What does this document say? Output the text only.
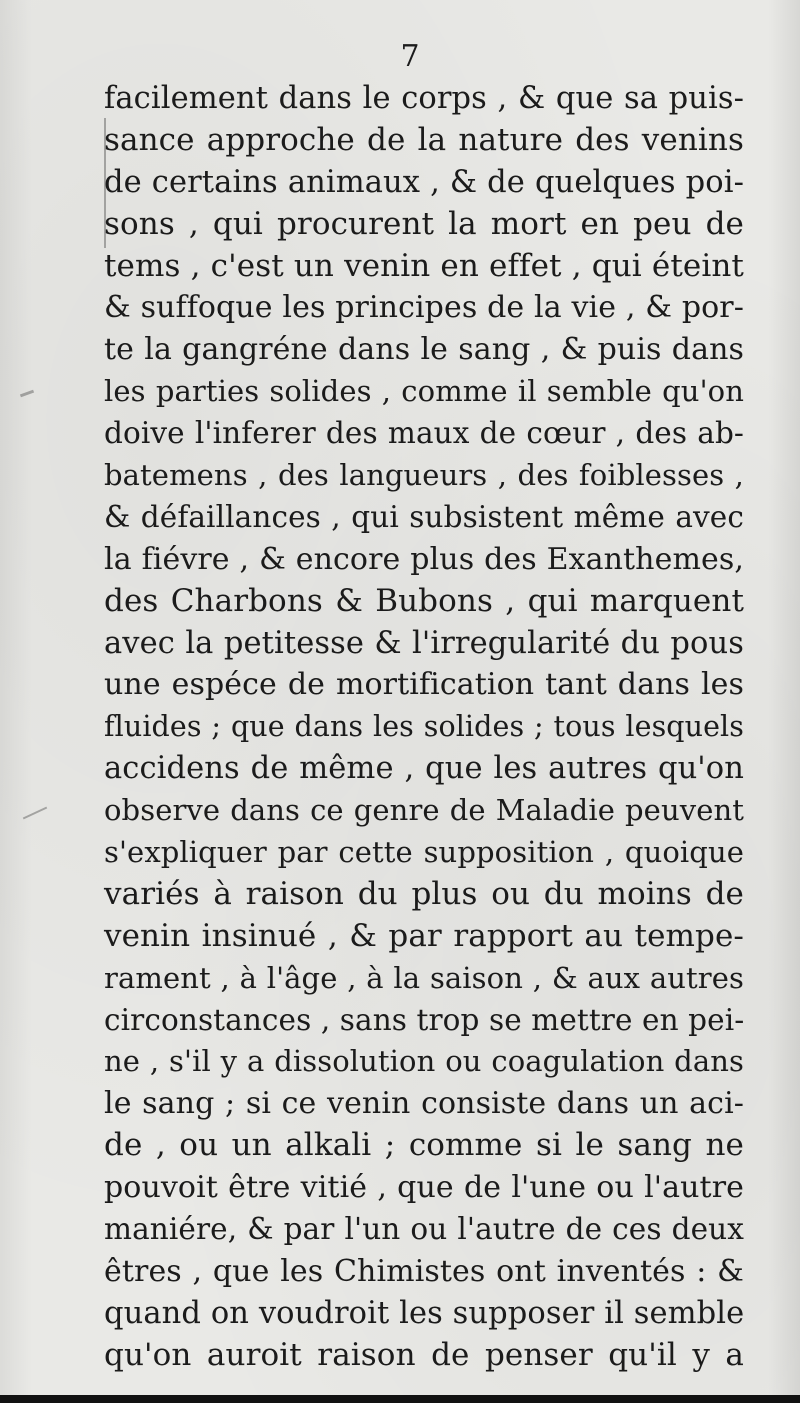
7
facilement dans le corps , & que sa puis-
sance approche de la nature des venins
de certains animaux , & de quelques poi-
sons , qui procurent la mort en peu de
tems , c'est un venin en effet , qui éteint
& suffoque les principes de la vie , & por-
te la gangréne dans le sang , & puis dans
les parties solides , comme il semble qu'on
doive l'inferer des maux de cœur , des ab-
batemens , des langueurs , des foiblesses ,
& défaillances , qui subsistent même avec
la fiévre , & encore plus des Exanthemes,
des Charbons & Bubons , qui marquent
avec la petitesse & l'irregularité du pous
une espéce de mortification tant dans les
fluides ; que dans les solides ; tous lesquels
accidens de même , que les autres qu'on
observe dans ce genre de Maladie peuvent
s'expliquer par cette supposition , quoique
variés à raison du plus ou du moins de
venin insinué , & par rapport au tempe-
rament , à l'âge , à la saison , & aux autres
circonstances , sans trop se mettre en pei-
ne , s'il y a dissolution ou coagulation dans
le sang ; si ce venin consiste dans un aci-
de , ou un alkali ; comme si le sang ne
pouvoit être vitié , que de l'une ou l'autre
maniére, & par l'un ou l'autre de ces deux
êtres , que les Chimistes ont inventés : &
quand on voudroit les supposer il semble
qu'on auroit raison de penser qu'il y a
